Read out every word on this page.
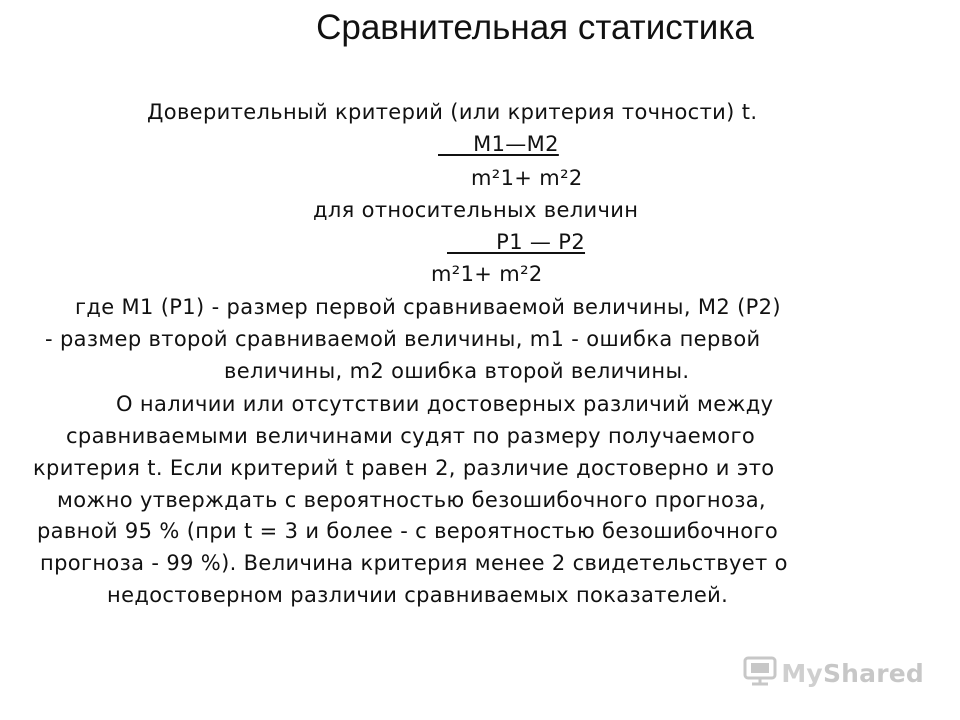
Сравнительная статистика
Доверительный критерий (или критерия точности) t.
M1—M2
m²1+ m²2
для относительных величин
P1 — P2
m²1+ m²2
где M1 (P1) - размер первой сравниваемой величины, M2 (P2)
- размер второй сравниваемой величины, m1 - ошибка первой
величины, m2 ошибка второй величины.
О наличии или отсутствии достоверных различий между
сравниваемыми величинами судят по размеру получаемого
критерия t. Если критерий t равен 2, различие достоверно и это
можно утверждать с вероятностью безошибочного прогноза,
равной 95 % (при t = 3 и более - с вероятностью безошибочного
прогноза - 99 %). Величина критерия менее 2 свидетельствует о
недостоверном различии сравниваемых показателей.
MyShared
